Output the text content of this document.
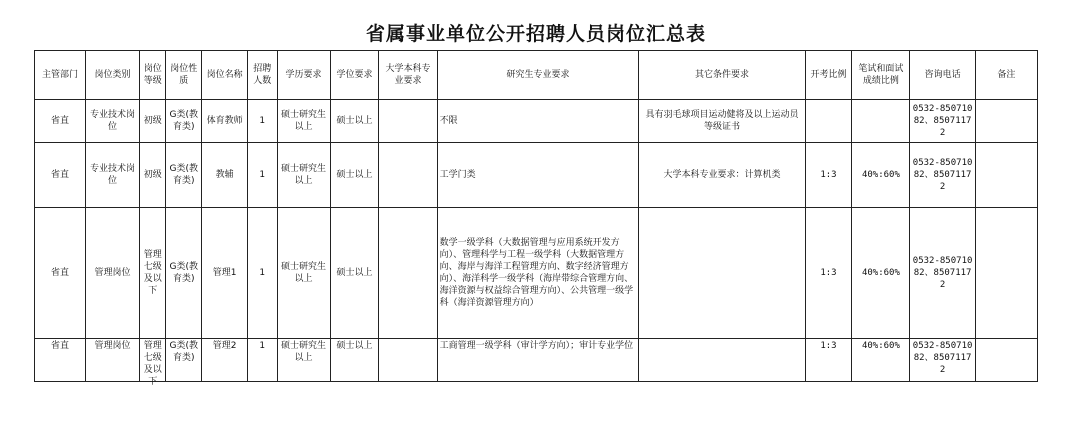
省属事业单位公开招聘人员岗位汇总表
主管部门	岗位类别	岗位等级	岗位性质	岗位名称	招聘人数	学历要求	学位要求	大学本科专业要求	研究生专业要求	其它条件要求	开考比例	笔试和面试成绩比例	咨询电话	备注
省直	专业技术岗位	初级	G类(教育类)	体育教师	1	硕士研究生以上	硕士以上		不限	具有羽毛球项目运动健将及以上运动员等级证书			0532-85071082、85071172	
省直	专业技术岗位	初级	G类(教育类)	教辅	1	硕士研究生以上	硕士以上		工学门类	大学本科专业要求：计算机类	1:3	40%:60%	0532-85071082、85071172	
省直	管理岗位	管理七级及以下	G类(教育类)	管理1	1	硕士研究生以上	硕士以上		数学一级学科（大数据管理与应用系统开发方向）、管理科学与工程一级学科（大数据管理方向、海岸与海洋工程管理方向、数字经济管理方向）、海洋科学一级学科（海岸带综合管理方向、海洋资源与权益综合管理方向）、公共管理一级学科（海洋资源管理方向）		1:3	40%:60%	0532-85071082、85071172	
省直	管理岗位	管理七级及以下	G类(教育类)	管理2	1	硕士研究生以上	硕士以上		工商管理一级学科（审计学方向）；审计专业学位		1:3	40%:60%	0532-85071082、85071172	
